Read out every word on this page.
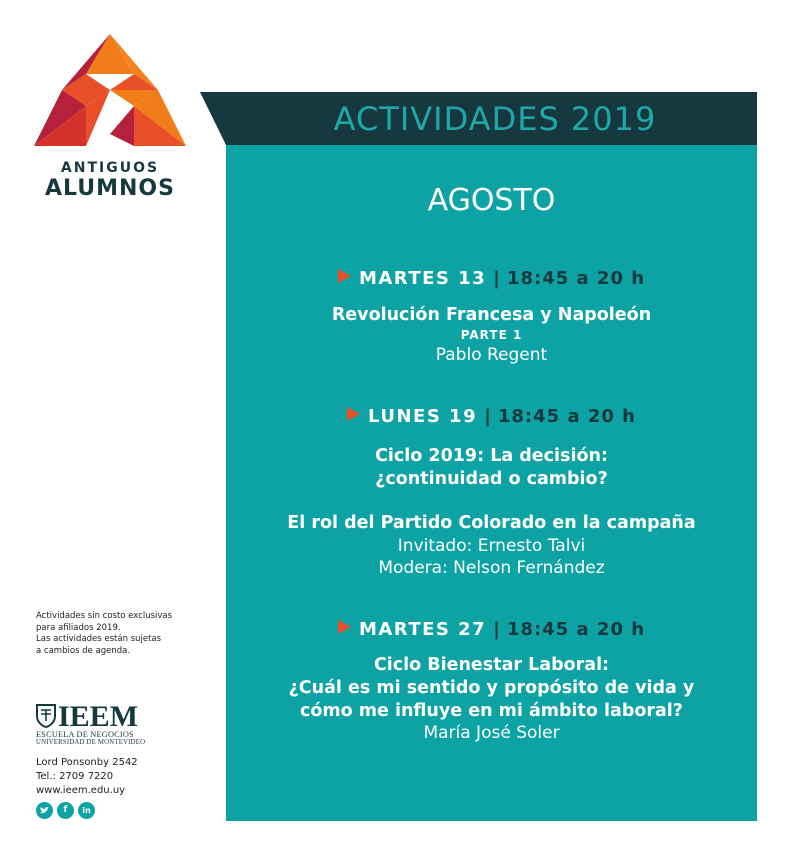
ANTIGUOS
ALUMNOS
ACTIVIDADES 2019
AGOSTO
MARTES 13 | 18:45 a 20 h
Revolución Francesa y Napoleón
PARTE 1
Pablo Regent
LUNES 19 | 18:45 a 20 h
Ciclo 2019: La decisión:
¿continuidad o cambio?
El rol del Partido Colorado en la campaña
Invitado: Ernesto Talvi
Modera: Nelson Fernández
MARTES 27 | 18:45 a 20 h
Ciclo Bienestar Laboral:
¿Cuál es mi sentido y propósito de vida y
cómo me influye en mi ámbito laboral?
María José Soler
Actividades sin costo exclusivas
para afiliados 2019.
Las actividades están sujetas
a cambios de agenda.
IEEM
ESCUELA DE NEGOCIOS
UNIVERSIDAD DE MONTEVIDEO
Lord Ponsonby 2542
Tel.: 2709 7220
www.ieem.edu.uy
f	in
